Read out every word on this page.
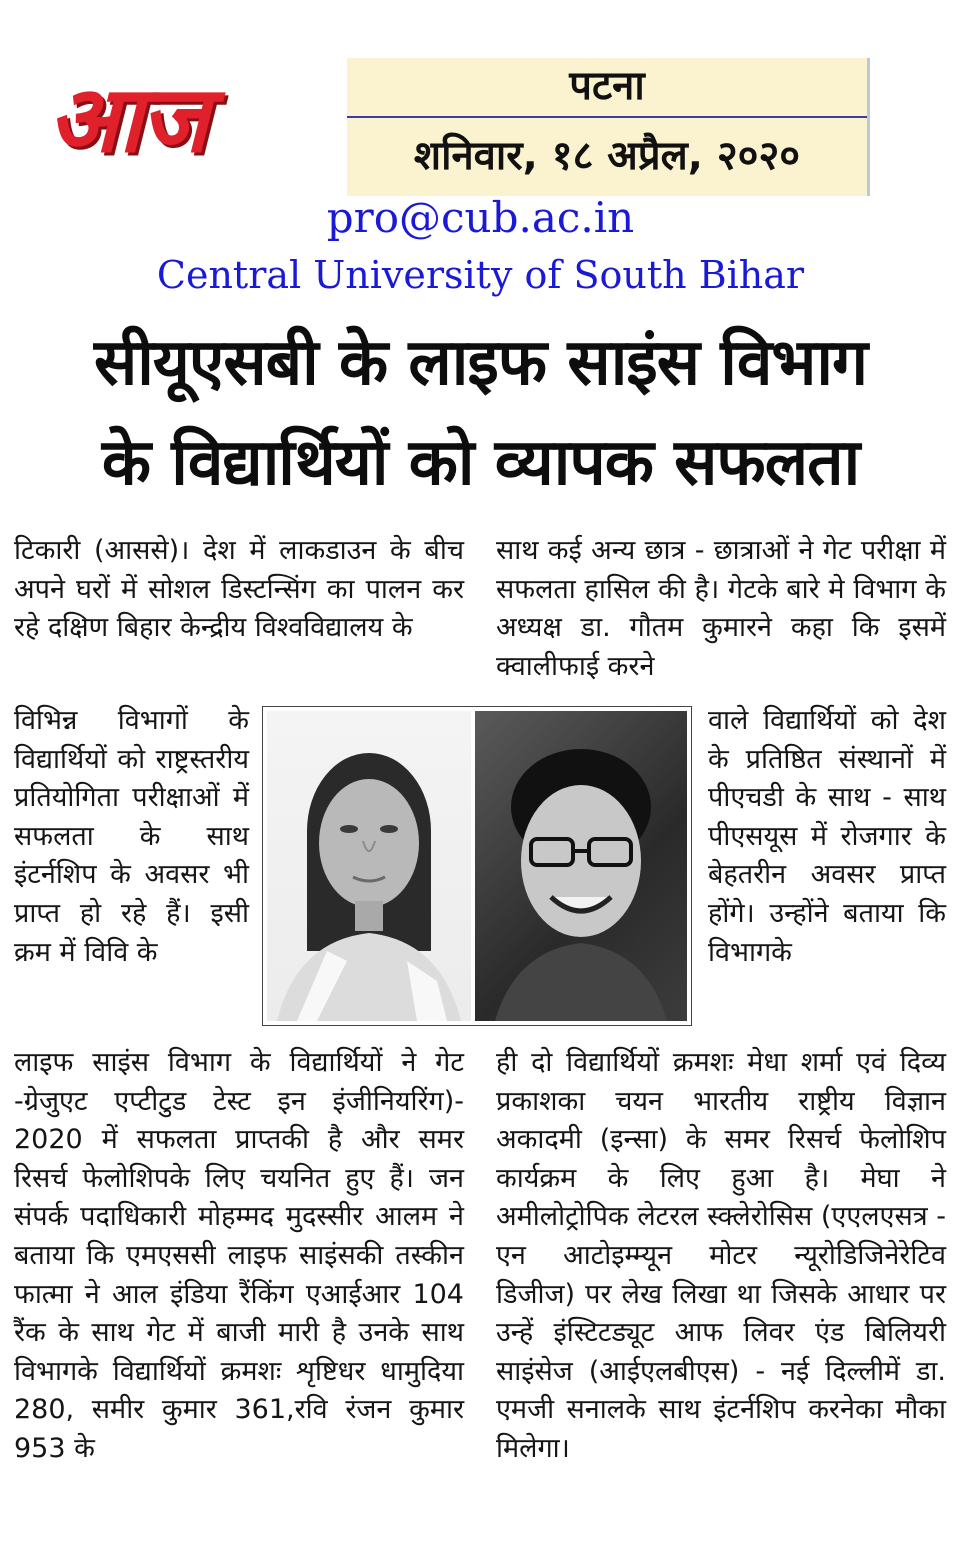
आज	पटना
शनिवार, १८ अप्रैल, २०२०
pro@cub.ac.in
Central University of South Bihar
सीयूएसबी के लाइफ साइंस विभाग
के विद्यार्थियों को व्यापक सफलता
टिकारी (आससे)। देश में लाकडाउन के बीच अपने घरों में सोशल डिस्टन्सिंग का पालन कर रहे दक्षिण बिहार केन्द्रीय विश्वविद्यालय के
विभिन्न विभागों के विद्यार्थियों को राष्ट्रस्तरीय प्रतियोगिता परीक्षाओं में सफलता के साथ इंटर्नशिप के अवसर भी प्राप्त हो रहे हैं। इसी क्रम में विवि के
लाइफ साइंस विभाग के विद्यार्थियों ने गेट -ग्रेजुएट एप्टीटुड टेस्ट इन इंजीनियरिंग)- 2020 में सफलता प्राप्तकी है और समर रिसर्च फेलोशिपके लिए चयनित हुए हैं। जन संपर्क पदाधिकारी मोहम्मद मुदस्सीर आलम ने बताया कि एमएससी लाइफ साइंसकी तस्कीन फात्मा ने आल इंडिया रैंकिंग एआईआर 104 रैंक के साथ गेट में बाजी मारी है उनके साथ विभागके विद्यार्थियों क्रमशः शृष्टिधर धामुदिया 280, समीर कुमार 361,रवि रंजन कुमार 953 के
साथ कई अन्य छात्र - छात्राओं ने गेट परीक्षा में सफलता हासिल की है। गेटके बारे मे विभाग के अध्यक्ष डा. गौतम कुमारने कहा कि इसमें क्वालीफाई करने
वाले विद्यार्थियों को देश के प्रतिष्ठित संस्थानों में पीएचडी के साथ - साथ पीएसयूस में रोजगार के बेहतरीन अवसर प्राप्त होंगे। उन्होंने बताया कि विभागके
ही दो विद्यार्थियों क्रमशः मेधा शर्मा एवं दिव्य प्रकाशका चयन भारतीय राष्ट्रीय विज्ञान अकादमी (इन्सा) के समर रिसर्च फेलोशिप कार्यक्रम के लिए हुआ है। मेघा ने अमीलोट्रोपिक लेटरल स्क्लेरोसिस (एएलएसत्र - एन आटोइम्म्यून मोटर न्यूरोडिजिनेरेटिव डिजीज) पर लेख लिखा था जिसके आधार पर उन्हें इंस्टिटड्यूट आफ लिवर एंड बिलियरी साइंसेज (आईएलबीएस) - नई दिल्लीमें डा. एमजी सनालके साथ इंटर्नशिप करनेका मौका मिलेगा।
